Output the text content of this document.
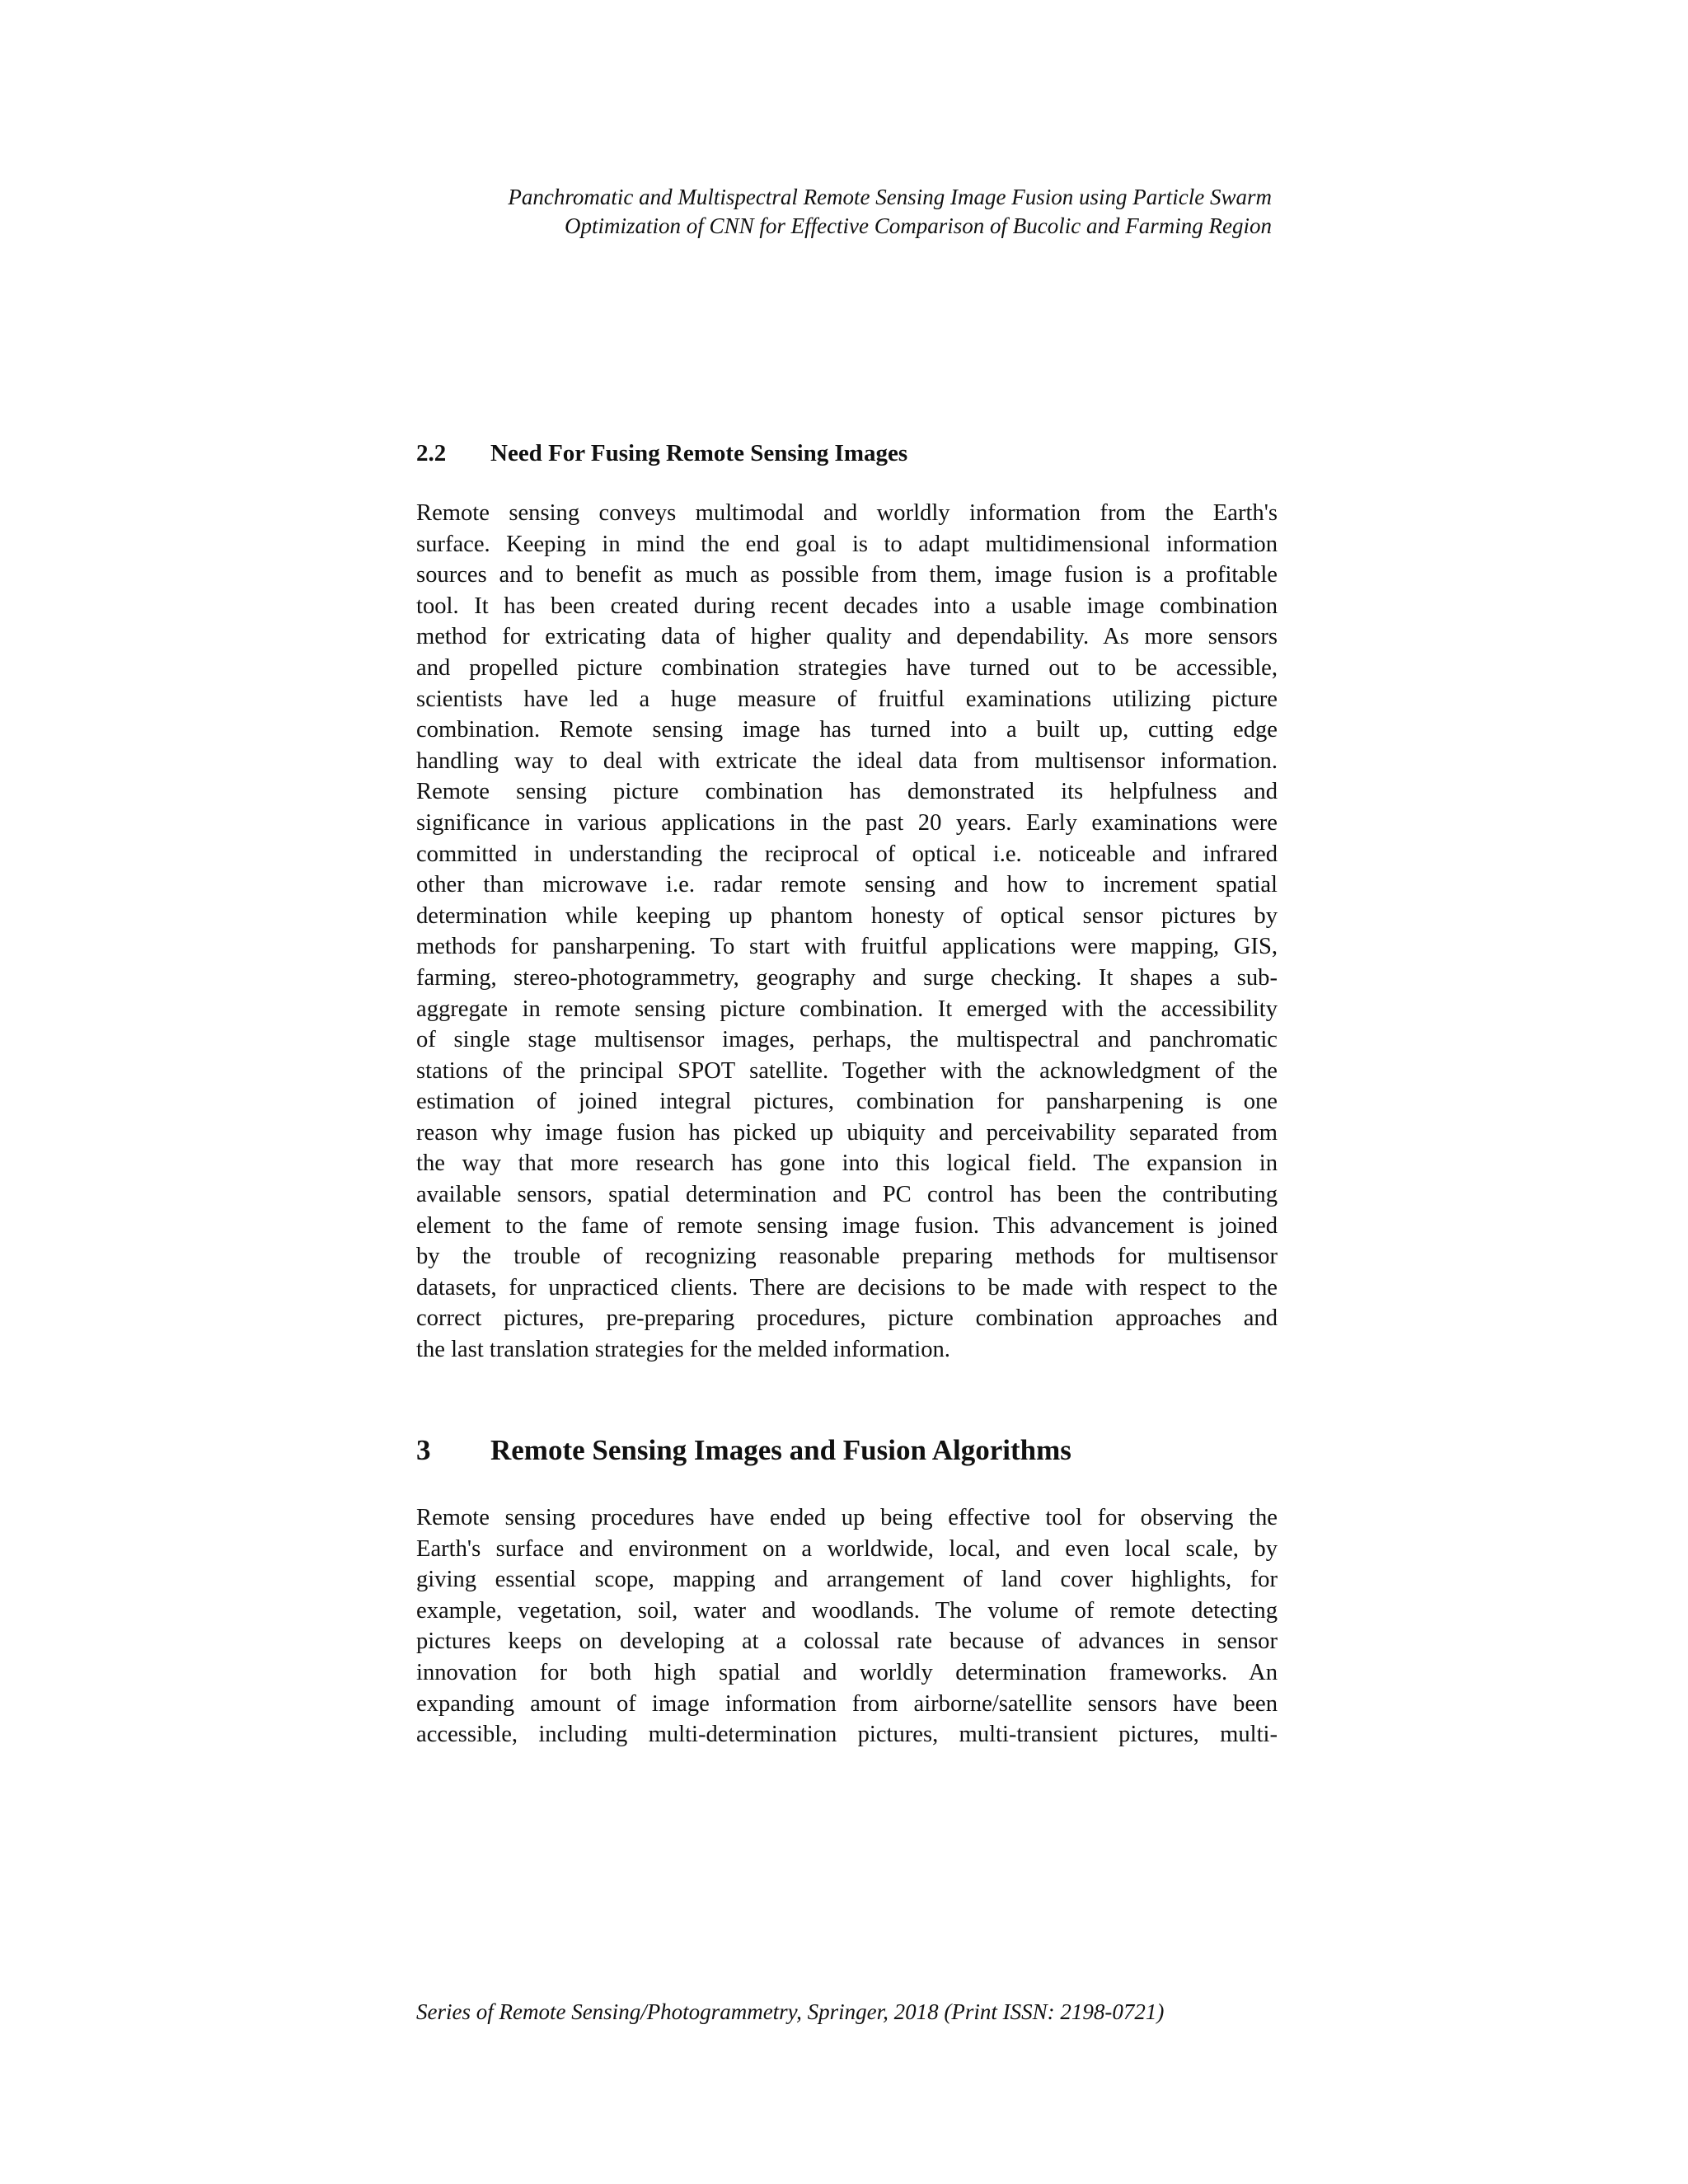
Panchromatic and Multispectral Remote Sensing Image Fusion using Particle Swarm
Optimization of CNN for Effective Comparison of Bucolic and Farming Region
2.2	Need For Fusing Remote Sensing Images
Remote sensing conveys multimodal and worldly information from the Earth's
surface. Keeping in mind the end goal is to adapt multidimensional information
sources and to benefit as much as possible from them, image fusion is a profitable
tool. It has been created during recent decades into a usable image combination
method for extricating data of higher quality and dependability. As more sensors
and propelled picture combination strategies have turned out to be accessible,
scientists have led a huge measure of fruitful examinations utilizing picture
combination. Remote sensing image has turned into a built up, cutting edge
handling way to deal with extricate the ideal data from multisensor information.
Remote sensing picture combination has demonstrated its helpfulness and
significance in various applications in the past 20 years. Early examinations were
committed in understanding the reciprocal of optical i.e. noticeable and infrared
other than microwave i.e. radar remote sensing and how to increment spatial
determination while keeping up phantom honesty of optical sensor pictures by
methods for pansharpening. To start with fruitful applications were mapping, GIS,
farming, stereo-photogrammetry, geography and surge checking. It shapes a sub-
aggregate in remote sensing picture combination. It emerged with the accessibility
of single stage multisensor images, perhaps, the multispectral and panchromatic
stations of the principal SPOT satellite. Together with the acknowledgment of the
estimation of joined integral pictures, combination for pansharpening is one
reason why image fusion has picked up ubiquity and perceivability separated from
the way that more research has gone into this logical field. The expansion in
available sensors, spatial determination and PC control has been the contributing
element to the fame of remote sensing image fusion. This advancement is joined
by the trouble of recognizing reasonable preparing methods for multisensor
datasets, for unpracticed clients. There are decisions to be made with respect to the
correct pictures, pre-preparing procedures, picture combination approaches and
the last translation strategies for the melded information.
3	Remote Sensing Images and Fusion Algorithms
Remote sensing procedures have ended up being effective tool for observing the
Earth's surface and environment on a worldwide, local, and even local scale, by
giving essential scope, mapping and arrangement of land cover highlights, for
example, vegetation, soil, water and woodlands. The volume of remote detecting
pictures keeps on developing at a colossal rate because of advances in sensor
innovation for both high spatial and worldly determination frameworks. An
expanding amount of image information from airborne/satellite sensors have been
accessible, including multi-determination pictures, multi-transient pictures, multi-
Series of Remote Sensing/Photogrammetry, Springer, 2018 (Print ISSN: 2198-0721)
